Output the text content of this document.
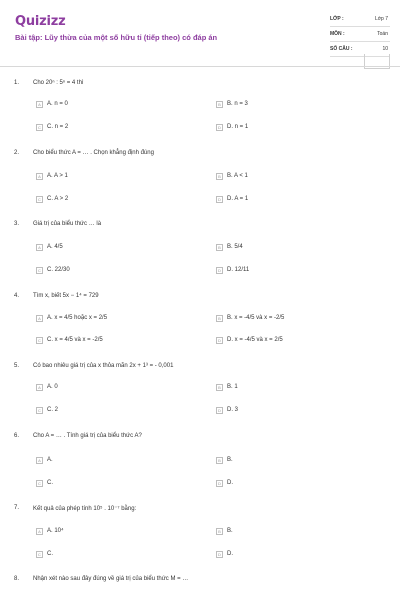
Quizizz
Bài tập: Lũy thừa của một số hữu tỉ (tiếp theo) có đáp án
LỚP :	Lớp 7
MÔN :	Toán
SỐ CÂU :	10
1. Cho 20ⁿ : 5ⁿ = 4 thì
A	A. n = 0	B	B. n = 3
C	C. n = 2	D	D. n = 1
2. Cho biểu thức A = … . Chọn khẳng định đúng
A	A. A > 1	B	B. A < 1
C	C. A > 2	D	D. A = 1
3. Giá trị của biểu thức … là
A	A. 4/5	B	B. 5/4
C	C. 22/30	D	D. 12/11
4. Tìm x, biết 5x − 1⁴ = 729
A	A. x = 4/5 hoặc x = 2/5	B	B. x = -4/5 và x = -2/5
C	C. x = 4/5 và x = -2/5	D	D. x = -4/5 và x = 2/5
5. Có bao nhiêu giá trị của x thỏa mãn 2x + 1³ = - 0,001
A	A. 0	B	B. 1
C	C. 2	D	D. 3
6. Cho A = … . Tính giá trị của biểu thức A?
A	A.	B	B.
C	C.	D	D.
7. Kết quả của phép tính 10⁵ . 10⁻⁷ bằng:
A	A. 10⁴	B	B.
C	C.	D	D.
8. Nhận xét nào sau đây đúng về giá trị của biểu thức M = …
